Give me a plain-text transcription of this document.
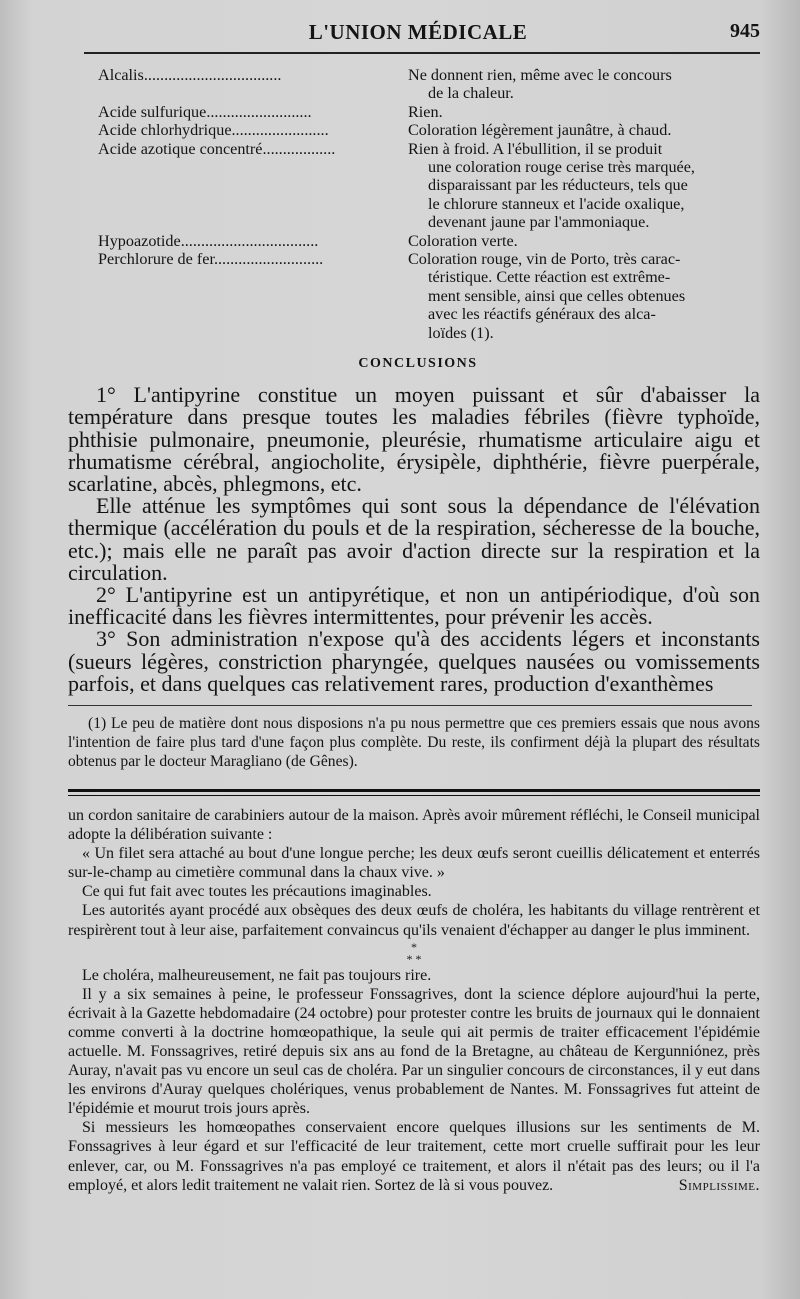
L'UNION MÉDICALE	945
Alcalis..................................	Ne donnent rien, même avec le concours
de la chaleur.
Acide sulfurique..........................	Rien.
Acide chlorhydrique........................	Coloration légèrement jaunâtre, à chaud.
Acide azotique concentré..................	Rien à froid. A l'ébullition, il se produit
une coloration rouge cerise très marquée,
disparaissant par les réducteurs, tels que
le chlorure stanneux et l'acide oxalique,
devenant jaune par l'ammoniaque.
Hypoazotide..................................	Coloration verte.
Perchlorure de fer...........................	Coloration rouge, vin de Porto, très carac-
téristique. Cette réaction est extrême-
ment sensible, ainsi que celles obtenues
avec les réactifs généraux des alca-
loïdes (1).
CONCLUSIONS

1° L'antipyrine constitue un moyen puissant et sûr d'abaisser la température dans presque toutes les maladies fébriles (fièvre typhoïde, phthisie pulmonaire, pneumonie, pleurésie, rhumatisme articulaire aigu et rhumatisme cérébral, angiocholite, érysipèle, diphthérie, fièvre puerpérale, scarlatine, abcès, phlegmons, etc.

Elle atténue les symptômes qui sont sous la dépendance de l'élévation thermique (accélération du pouls et de la respiration, sécheresse de la bouche, etc.); mais elle ne paraît pas avoir d'action directe sur la respiration et la circulation.

2° L'antipyrine est un antipyrétique, et non un antipériodique, d'où son inefficacité dans les fièvres intermittentes, pour prévenir les accès.

3° Son administration n'expose qu'à des accidents légers et inconstants (sueurs légères, constriction pharyngée, quelques nausées ou vomissements parfois, et dans quelques cas relativement rares, production d'exanthèmes

(1) Le peu de matière dont nous disposions n'a pu nous permettre que ces premiers essais que nous avons l'intention de faire plus tard d'une façon plus complète. Du reste, ils confirment déjà la plupart des résultats obtenus par le docteur Maragliano (de Gênes).

un cordon sanitaire de carabiniers autour de la maison. Après avoir mûrement réfléchi, le Conseil municipal adopte la délibération suivante :

« Un filet sera attaché au bout d'une longue perche; les deux œufs seront cueillis délicatement et enterrés sur-le-champ au cimetière communal dans la chaux vive. »

Ce qui fut fait avec toutes les précautions imaginables.

Les autorités ayant procédé aux obsèques des deux œufs de choléra, les habitants du village rentrèrent et respirèrent tout à leur aise, parfaitement convaincus qu'ils venaient d'échapper au danger le plus imminent.

*
* *

Le choléra, malheureusement, ne fait pas toujours rire.

Il y a six semaines à peine, le professeur Fonssagrives, dont la science déplore aujourd'hui la perte, écrivait à la Gazette hebdomadaire (24 octobre) pour protester contre les bruits de journaux qui le donnaient comme converti à la doctrine homœopathique, la seule qui ait permis de traiter efficacement l'épidémie actuelle. M. Fonssagrives, retiré depuis six ans au fond de la Bretagne, au château de Kergunniónez, près Auray, n'avait pas vu encore un seul cas de choléra. Par un singulier concours de circonstances, il y eut dans les environs d'Auray quelques cholériques, venus probablement de Nantes. M. Fonssagrives fut atteint de l'épidémie et mourut trois jours après.

Si messieurs les homœopathes conservaient encore quelques illusions sur les sentiments de M. Fonssagrives à leur égard et sur l'efficacité de leur traitement, cette mort cruelle suffirait pour les leur enlever, car, ou M. Fonssagrives n'a pas employé ce traitement, et alors il n'était pas des leurs; ou il l'a employé, et alors ledit traitement ne valait rien. Sortez de là si vous pouvez.	Simplissime.
